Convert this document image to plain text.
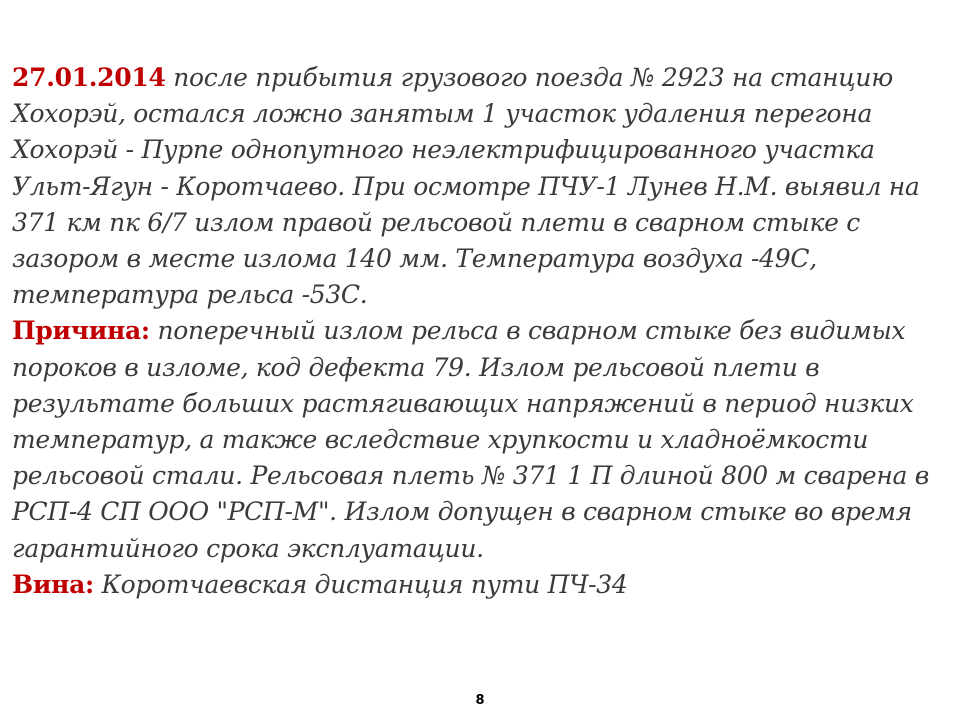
27.01.2014 после прибытия грузового поезда № 2923 на станцию Хохорэй, остался ложно занятым 1 участок удаления перегона Хохорэй - Пурпе однопутного неэлектрифицированного участка Ульт-Ягун - Коротчаево. При осмотре ПЧУ-1 Лунев Н.М. выявил на 371 км пк 6/7 излом правой рельсовой плети в сварном стыке с зазором в месте излома 140 мм. Температура воздуха -49С, температура рельса -53С.

Причина: поперечный излом рельса в сварном стыке без видимых пороков в изломе, код дефекта 79. Излом рельсовой плети в результате больших растягивающих напряжений в период низких температур, а также вследствие хрупкости и хладноёмкости рельсовой стали. Рельсовая плеть № 371 1 П длиной 800 м сварена в РСП-4 СП ООО "РСП-М". Излом допущен в сварном стыке во время гарантийного срока эксплуатации.

Вина: Коротчаевская дистанция пути ПЧ-34

8
